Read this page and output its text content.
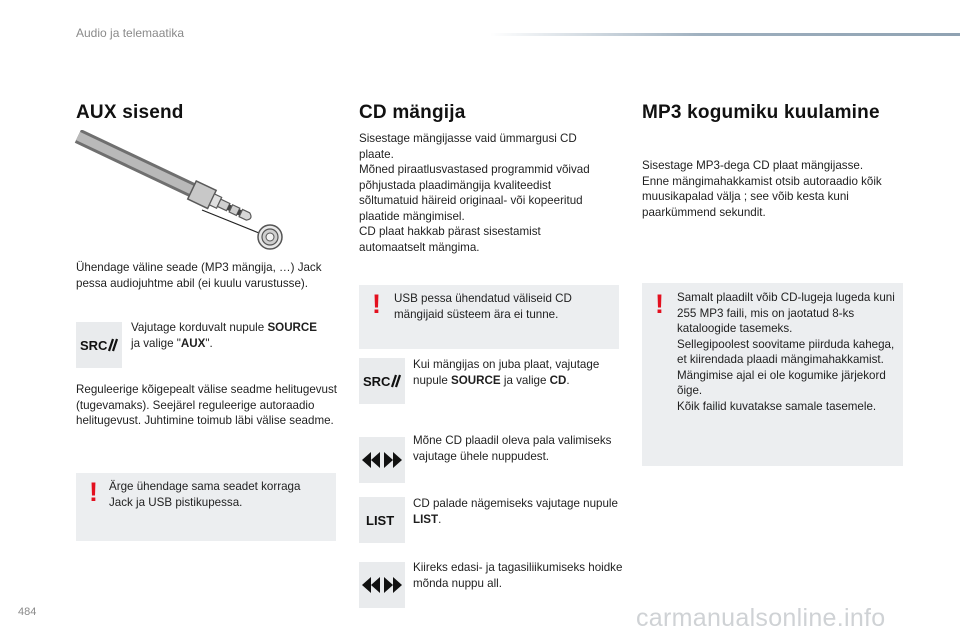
Audio ja telemaatika
AUX sisend
Ühendage väline seade (MP3 mängija, …) Jack
pessa audiojuhtme abil (ei kuulu varustusse).
SRC
Vajutage korduvalt nupule SOURCE
ja valige "AUX".
Reguleerige kõigepealt välise seadme helitugevust (tugevamaks). Seejärel reguleerige autoraadio helitugevust. Juhtimine toimub läbi välise seadme.
! Ärge ühendage sama seadet korraga Jack ja USB pistikupessa.
CD mängija
Sisestage mängijasse vaid ümmargusi CD plaate.
Mõned piraatlusvastased programmid võivad põhjustada plaadimängija kvaliteedist sõltumatuid häireid originaal- või kopeeritud plaatide mängimisel.
CD plaat hakkab pärast sisestamist automaatselt mängima.
! USB pessa ühendatud väliseid CD mängijaid süsteem ära ei tunne.
SRC
Kui mängijas on juba plaat, vajutage nupule SOURCE ja valige CD.
Mõne CD plaadil oleva pala valimiseks vajutage ühele nuppudest.
LIST
CD palade nägemiseks vajutage nupule LIST.
Kiireks edasi- ja tagasiliikumiseks hoidke mõnda nuppu all.
MP3 kogumiku kuulamine
Sisestage MP3-dega CD plaat mängijasse.
Enne mängimahakkamist otsib autoraadio kõik muusikapalad välja ; see võib kesta kuni paarkümmend sekundit.
! Samalt plaadilt võib CD-lugeja lugeda kuni 255 MP3 faili, mis on jaotatud 8-ks kataloogide tasemeks.
Sellegipoolest soovitame piirduda kahega, et kiirendada plaadi mängimahakkamist.
Mängimise ajal ei ole kogumike järjekord õige.
Kõik failid kuvatakse samale tasemele.
484	carmanualsonline.info
